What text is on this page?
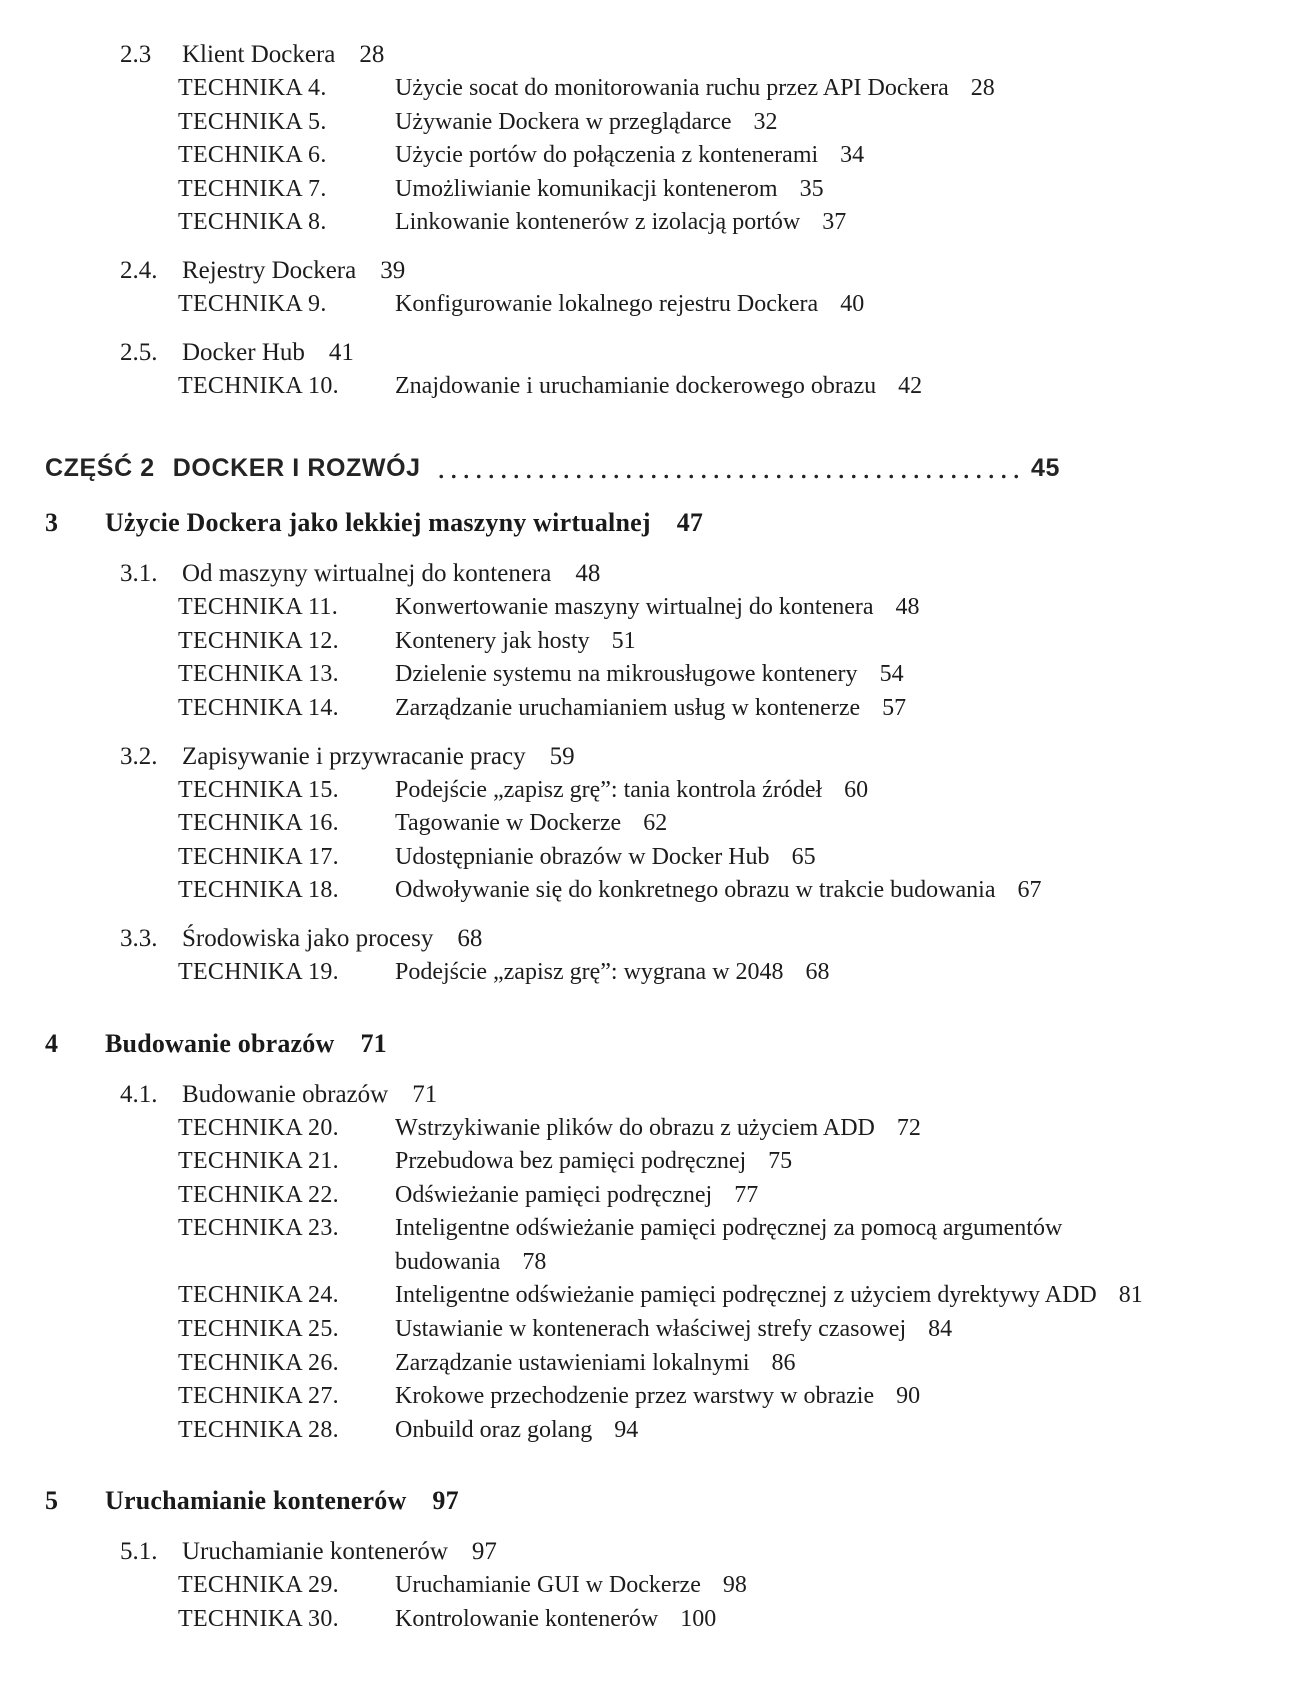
2.3	Klient Dockera 28
TECHNIKA 4.	Użycie socat do monitorowania ruchu przez API Dockera 28
TECHNIKA 5.	Używanie Dockera w przeglądarce 32
TECHNIKA 6.	Użycie portów do połączenia z kontenerami 34
TECHNIKA 7.	Umożliwianie komunikacji kontenerom 35
TECHNIKA 8.	Linkowanie kontenerów z izolacją portów 37
2.4. Rejestry Dockera 39
TECHNIKA 9.	Konfigurowanie lokalnego rejestru Dockera 40
2.5. Docker Hub 41
TECHNIKA 10.	Znajdowanie i uruchamianie dockerowego obrazu 42
CZĘŚĆ 2 DOCKER I ROZWÓJ	45
3	Użycie Dockera jako lekkiej maszyny wirtualnej 47
3.1. Od maszyny wirtualnej do kontenera 48
TECHNIKA 11.	Konwertowanie maszyny wirtualnej do kontenera 48
TECHNIKA 12.	Kontenery jak hosty 51
TECHNIKA 13.	Dzielenie systemu na mikrousługowe kontenery 54
TECHNIKA 14.	Zarządzanie uruchamianiem usług w kontenerze 57
3.2. Zapisywanie i przywracanie pracy 59
TECHNIKA 15.	Podejście „zapisz grę”: tania kontrola źródeł 60
TECHNIKA 16.	Tagowanie w Dockerze 62
TECHNIKA 17.	Udostępnianie obrazów w Docker Hub 65
TECHNIKA 18.	Odwoływanie się do konkretnego obrazu w trakcie budowania 67
3.3. Środowiska jako procesy 68
TECHNIKA 19.	Podejście „zapisz grę”: wygrana w 2048 68
4	Budowanie obrazów 71
4.1. Budowanie obrazów 71
TECHNIKA 20.	Wstrzykiwanie plików do obrazu z użyciem ADD 72
TECHNIKA 21.	Przebudowa bez pamięci podręcznej 75
TECHNIKA 22.	Odświeżanie pamięci podręcznej 77
TECHNIKA 23.	Inteligentne odświeżanie pamięci podręcznej za pomocą argumentów
budowania 78
TECHNIKA 24.	Inteligentne odświeżanie pamięci podręcznej z użyciem dyrektywy ADD 81
TECHNIKA 25.	Ustawianie w kontenerach właściwej strefy czasowej 84
TECHNIKA 26.	Zarządzanie ustawieniami lokalnymi 86
TECHNIKA 27.	Krokowe przechodzenie przez warstwy w obrazie 90
TECHNIKA 28.	Onbuild oraz golang 94
5	Uruchamianie kontenerów 97
5.1. Uruchamianie kontenerów 97
TECHNIKA 29.	Uruchamianie GUI w Dockerze 98
TECHNIKA 30.	Kontrolowanie kontenerów 100
